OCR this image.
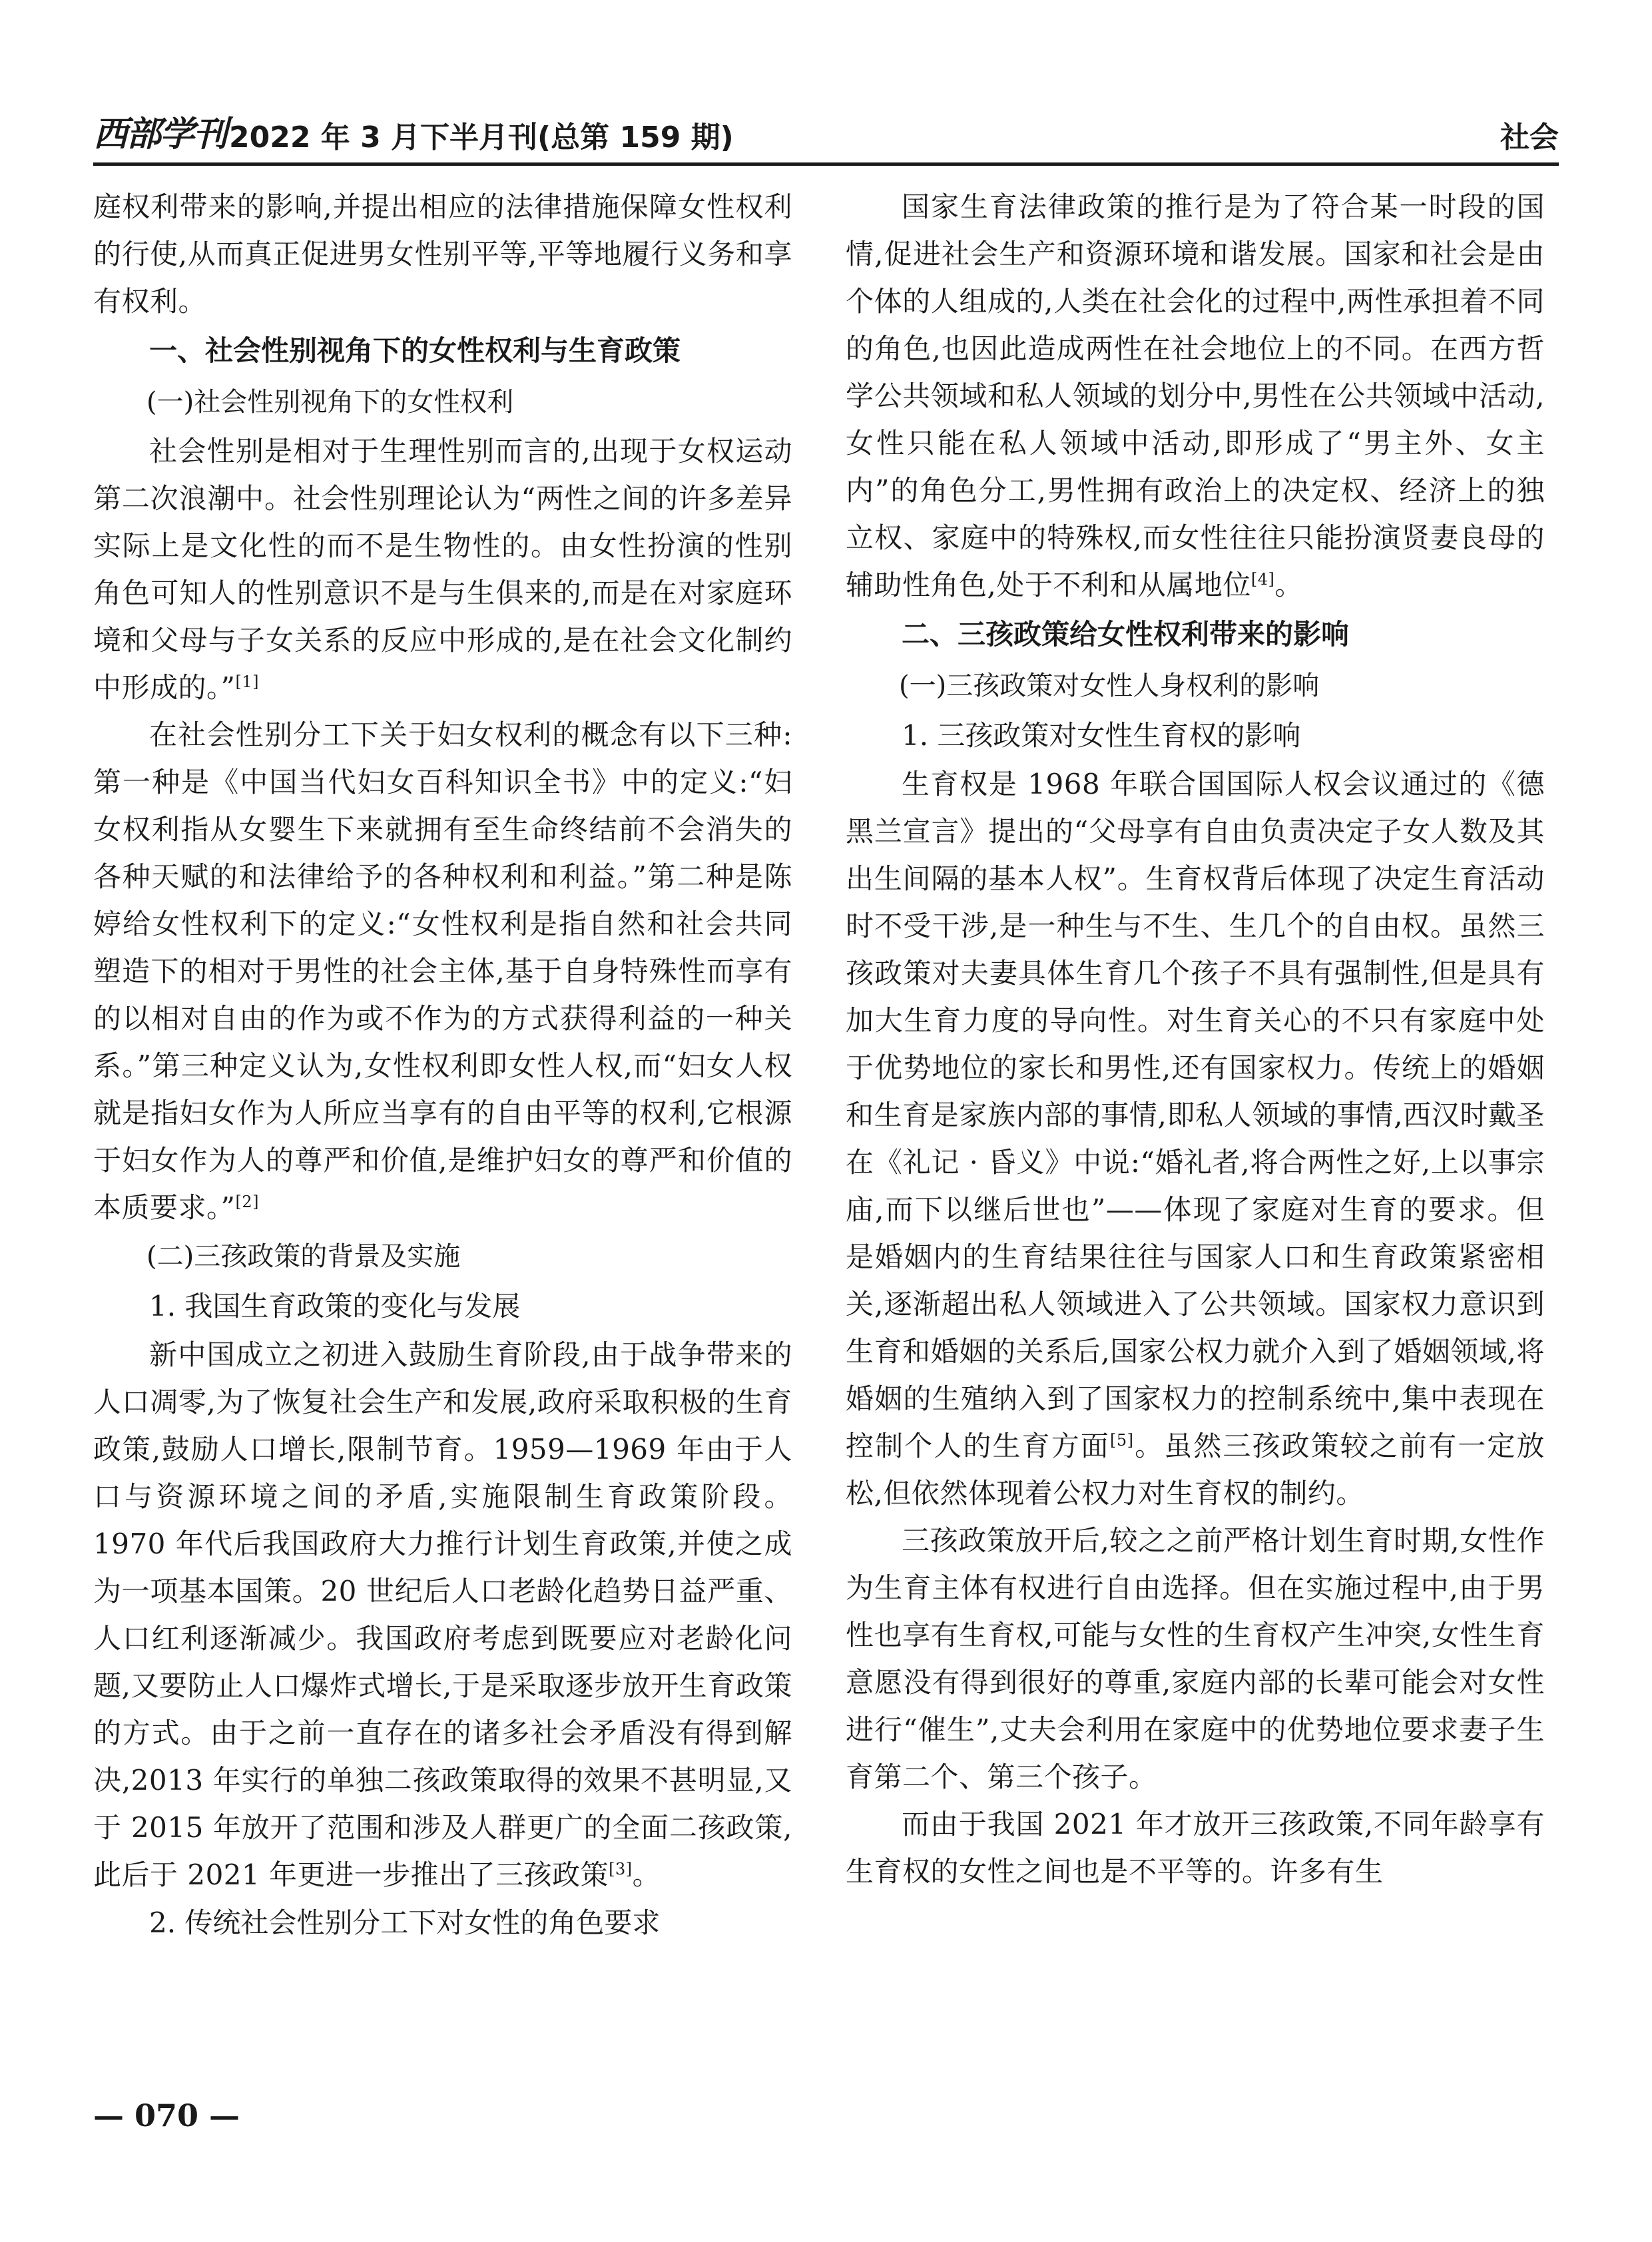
西部学刊 2022 年 3 月下半月刊(总第 159 期)	社会

庭权利带来的影响,并提出相应的法律措施保障女性权利的行使,从而真正促进男女性别平等,平等地履行义务和享有权利。

一、社会性别视角下的女性权利与生育政策
(一)社会性别视角下的女性权利

社会性别是相对于生理性别而言的,出现于女权运动第二次浪潮中。社会性别理论认为“两性之间的许多差异实际上是文化性的而不是生物性的。由女性扮演的性别角色可知人的性别意识不是与生俱来的,而是在对家庭环境和父母与子女关系的反应中形成的,是在社会文化制约中形成的。”[1]

在社会性别分工下关于妇女权利的概念有以下三种:第一种是《中国当代妇女百科知识全书》中的定义:“妇女权利指从女婴生下来就拥有至生命终结前不会消失的各种天赋的和法律给予的各种权利和利益。”第二种是陈婷给女性权利下的定义:“女性权利是指自然和社会共同塑造下的相对于男性的社会主体,基于自身特殊性而享有的以相对自由的作为或不作为的方式获得利益的一种关系。”第三种定义认为,女性权利即女性人权,而“妇女人权就是指妇女作为人所应当享有的自由平等的权利,它根源于妇女作为人的尊严和价值,是维护妇女的尊严和价值的本质要求。”[2]

(二)三孩政策的背景及实施
1. 我国生育政策的变化与发展

新中国成立之初进入鼓励生育阶段,由于战争带来的人口凋零,为了恢复社会生产和发展,政府采取积极的生育政策,鼓励人口增长,限制节育。1959—1969 年由于人口与资源环境之间的矛盾,实施限制生育政策阶段。1970 年代后我国政府大力推行计划生育政策,并使之成为一项基本国策。20 世纪后人口老龄化趋势日益严重、人口红利逐渐减少。我国政府考虑到既要应对老龄化问题,又要防止人口爆炸式增长,于是采取逐步放开生育政策的方式。由于之前一直存在的诸多社会矛盾没有得到解决,2013 年实行的单独二孩政策取得的效果不甚明显,又于 2015 年放开了范围和涉及人群更广的全面二孩政策,此后于 2021 年更进一步推出了三孩政策[3]。

2. 传统社会性别分工下对女性的角色要求

国家生育法律政策的推行是为了符合某一时段的国情,促进社会生产和资源环境和谐发展。国家和社会是由个体的人组成的,人类在社会化的过程中,两性承担着不同的角色,也因此造成两性在社会地位上的不同。在西方哲学公共领域和私人领域的划分中,男性在公共领域中活动,女性只能在私人领域中活动,即形成了“男主外、女主内”的角色分工,男性拥有政治上的决定权、经济上的独立权、家庭中的特殊权,而女性往往只能扮演贤妻良母的辅助性角色,处于不利和从属地位[4]。

二、三孩政策给女性权利带来的影响
(一)三孩政策对女性人身权利的影响
1. 三孩政策对女性生育权的影响

生育权是 1968 年联合国国际人权会议通过的《德黑兰宣言》提出的“父母享有自由负责决定子女人数及其出生间隔的基本人权”。生育权背后体现了决定生育活动时不受干涉,是一种生与不生、生几个的自由权。虽然三孩政策对夫妻具体生育几个孩子不具有强制性,但是具有加大生育力度的导向性。对生育关心的不只有家庭中处于优势地位的家长和男性,还有国家权力。传统上的婚姻和生育是家族内部的事情,即私人领域的事情,西汉时戴圣在《礼记 · 昏义》中说:“婚礼者,将合两性之好,上以事宗庙,而下以继后世也”——体现了家庭对生育的要求。但是婚姻内的生育结果往往与国家人口和生育政策紧密相关,逐渐超出私人领域进入了公共领域。国家权力意识到生育和婚姻的关系后,国家公权力就介入到了婚姻领域,将婚姻的生殖纳入到了国家权力的控制系统中,集中表现在控制个人的生育方面[5]。虽然三孩政策较之前有一定放松,但依然体现着公权力对生育权的制约。

三孩政策放开后,较之之前严格计划生育时期,女性作为生育主体有权进行自由选择。但在实施过程中,由于男性也享有生育权,可能与女性的生育权产生冲突,女性生育意愿没有得到很好的尊重,家庭内部的长辈可能会对女性进行“催生”,丈夫会利用在家庭中的优势地位要求妻子生育第二个、第三个孩子。

而由于我国 2021 年才放开三孩政策,不同年龄享有生育权的女性之间也是不平等的。许多有生

— 070 —
